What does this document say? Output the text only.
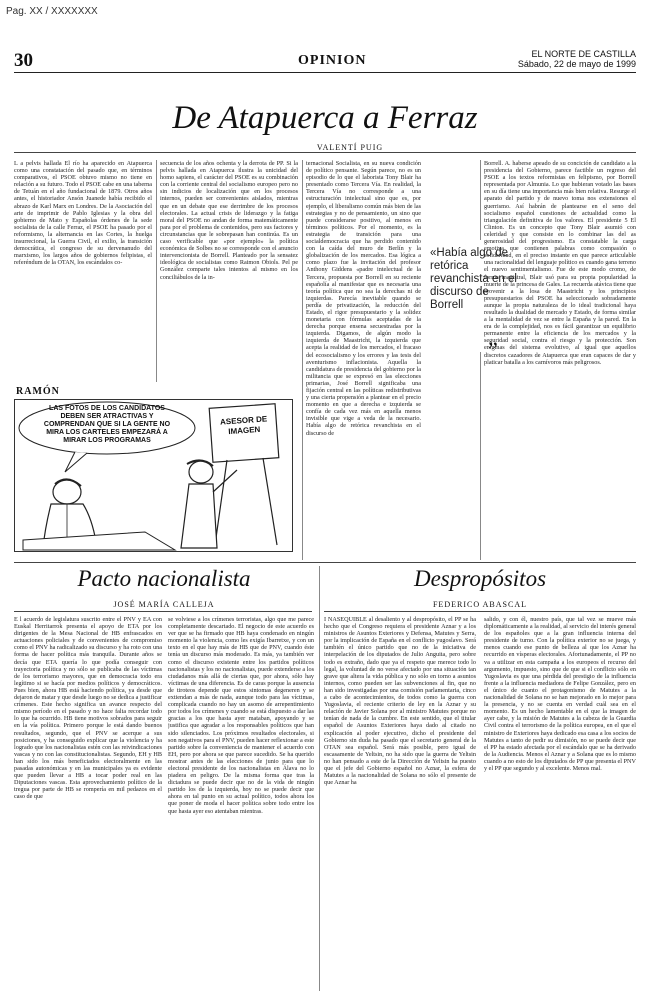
Pag. XX / XXXXXXX
30	OPINION	EL NORTE DE CASTILLA
Sábado, 22 de mayo de 1999
De Atapuerca a Ferraz
VALENTÍ PUIG
L a pelvis hallada El río ha aparecido en Atapuerca como una constatación del pasado que, en términos comparativos, el PSOE obtuvo mismo no tiene en relación a su futuro. Todo el PSOE cabe en una taberna de Tetuán en el año fundacional de 1879. Otros años antes, el historiador Ansón Juanede había recibido el abrazo de Karl Marx en Londres. De la Asociación del arte de imprimir de Pablo Iglesias y la obra del gobierno de Mato y Españolas órdenes de la sede socialista de la calle Ferraz, el PSOE ha pasado por el reformismo, la alternancia en las Cortes, la huelga insurrecional, la Guerra Civil, el exilio, la transición democrática, el congreso de su dervenanudo del marxismo, los largos años de gobiernos felipistas, el referéndum de la OTAN, los escándalos co-
secuencia de los años ochenta y la derrota de PP. Si la pelvis hallada en Atapuerca ilustra la unicidad del homo sapiens, el carácter del PSOE es su combinación con la corriente central del socialismo europeo pero no sin indicios de localización que en los procesos internos, pueden ser convenientes aislados, mientras que en un debate que ese derrimbre de los procesos electorales. La actual crisis de liderazgo y la fatiga moral del PSOE no andan de forma matemáticamente para por el problema de contenidos, pero sus factores y circunstancias que le sobrepasan han continúa. Es un caso verificable que «por ejemplo» la política económica de Solbes no se corresponde con el anuncio intervencionista de Borrell. Planteado por la sensatez ideológica de socialistas como Raimon Obiols. Pel pe González comparte tales intentos al mismo en los conciliábulos de la in-
ternacional Socialista, en su nueva condición de político pensante. Según parece, no es un episodio de lo que el laborista Tony Blair ha presentado como Tercera Vía. En realidad, la Tercera Vía no corresponde a una estructuración intelectual sino que es, por ejemplo, el liberalismo común más bien de las estrategias y no de pensamiento, un sino que puede considerarse positivo, al menos en términos políticos. Por el momento, es la estrategia de transición para una socialdemocracia que ha perdido contenido con la caída del muro de Berlín y la globalización de los mercados. Esa lógica a como plazo fue la invitación del profesor Anthony Giddens «padre intelectual de la Tercera, propuesta por Borrell en su reciente españolía al manifestar que es necesaria una teoría política que no sea la derechas ni de izquierdas. Parecía inevitable quando se perdía de privatización, la reducción del Estado, el rigor presupuestario y la solidez monetaria con fórmulas aceptadas de la derecha porque ensena secuestradas por la izquierda. Digamos, de algún modo la izquierda de Maastricht, la izquierda que acepta la realidad de los mercados, el fracaso del ecosocialismo y los errores y las tesis del aventurismo inflacionista. Aquella la candidatura de presidencia del gobierno por la militancia que se expresó en las elecciones primarias, José Borrell significaba una fijación central en las políticas redistributivas y una cierta propensión a plantear en el precio momento en que a derecha e izquierda se confía de cada vez más en aquella menos invisible que vige a veda de la necesario. Había algo de retórica revanchista en el discurso de
«Había algo de retórica revanchista en el discurso de Borrell
„
Borrell. A. haberse apeado de su concición de candidato a la presidencia del Gobierno, parece factible un regreso del PSOE a los textos reformistas en felipismo, por Borrell representada por Almunia. Lo que hubieran votado las bases en su día tiene una importancia más bien relativa. Resurge el aparato del partido y de nuevo toma nos extensiones el guerrismo. Así habrán de plantearse en el seno del socialismo español cuestiones de actualidad como la triangulación definitiva de los valores. El presidente 5 El Clinton. Es un concepto que Tony Blair asumió con celeridad y que consiste en lo combinar las del as generosidad del progresismo. Es constatable la carga emotiva que contienen palabras como compasión o solidaridad, en el preciso instante en que parece articulable una racionalidad del lenguaje político es cuando gana terreno el nuevo sentimentalismo. Fue de este modo cromo, de forma magistral, Blair usó para su propia popularidad la muerte de la princesa de Gales. La recuerda atávica tiene que provenir a la losa de Maastricht y los principios presupuestarios del PSOE ha seleccionado sobradamente aunque la propia naturaleza de lo ideal tradicional haya resultado la dualidad de mercado y Estado, de forma similar a la mentalidad de vez se entre la España y la pared. En la era de la complejidad, nos es fácil garantizar un equilibrio permanente entre la eficiencia de los mercados y la seguridad social, contra el riesgo y la protección. Son enigmas del sistema evolutivo, al igual que aquellos discretos cazadores de Atapuerca que eran capaces de dar y platicar batalla a los carnívoros más peligrosos.
RAMÓN
LAS FOTOS DE LOS CANDIDATOS DEBEN SER ATRACTIVAS Y COMPRENDAN QUE SI LA GENTE NO MIRA LOS CARTELES EMPEZARÁ A MIRAR LOS PROGRAMAS
ASESOR DE IMAGEN
Pacto nacionalista
JOSÉ MARÍA CALLEJA
E l acuerdo de legislatura suscrito entre el PNV y EA con Euskal Herritarrok presenta el apoyo de ETA por los dirigentes de la Mesa Nacional de HB enfrascados en actuaciones policiales y de convenientes de compromiso como el PNV ha radicalizado su discurso y ha roto con una forma de hacer política más tranquila. Durante años se decía que ETA quería lo que podía conseguir con trayectoria política y no sólo se publicaba de las víctimas de los terrorismo mayores, que en democracia todo era legítimo si se hacía por medios políticos y democráticos. Pues bien, ahora HB está haciendo política, ya desde que dejaron de matar y que desde luego no se dedica a justificar crímenes. Este hecho significa un avance respecto del mismo período en el pasado y no hace falta recordar todo lo que ha ocurrido. HB tiene motivos sobrados para seguir en la vía política. Primero porque le está dando buenos resultados, segundo, que el PNV se acerque a sus posiciones, y ha conseguido explicar que la violencia y ha logrado que los nacionalistas estén con las reivindicaciones vascas y no con las constitucionalistas. Segundo, EH y HB han sido los más beneficiados electoralmente en las pasadas autonómicas y en las municipales ya es evidente que pueden llevar a HB a tocar poder real en las Diputaciones vascas. Esta aprovechamiento político de la tregua por parte de HB se rompería en mil pedazos en el caso de que
se volviese a los crímenes terroristas, algo que me parece completamente descartado. El negocio de este acuerdo es ver que se ha firmado que HB haya condenado en ningún momento la violencia, como les exigía Ibarretxe, y con un texto en el que hay más de HB que de PNV, cuando éste tenía un discurso más moderado. Es más, ya también ver como el discurso existente entre los partidos políticos nacionalistas y los no nacionalistas, puede extenderse a los ciudadanos más allá de ciertas que, por ahora, sólo hay víctimas de una diferencia. Es de caras porque la ausencia de tiroteos depende que estos sintomas degeneren y se extiendan a más de nada, aunque todo para las víctimas, complicada cuando no hay un asomo de arrepentimiento por todos los crímenes y cuando se está dispuesto a dar las gracias a los que hasta ayer mataban, apoyando y se justifica que agradar a los responsables políticos que han sido silenciados. Los próximos resultados electorales, si son negativos para el PNV, pueden hacer reflexionar a este partido sobre la conveniencia de mantener el acuerdo con EH, pero por ahora se que parece sucedido. Se ha querido mostrar antes de las elecciones de junio para que lo electoral presidente de los nacionalistas en Álava no lo piadera en peligro. De la misma forma que tras la dictadura se puede decir que no de la vida de ningún partido los de la izquierda, hoy no se puede decir que ahora en tal punto en su actual político, todos ahora los que poner de moda el hacer política sobre todo entre los que hasta ayer eso atentaban mientras.
Despropósitos
FEDERICO ABASCAL
I NASEQUIBLE al desaliento y al despropósito, el PP se ha hecho que el Congreso requiera el presidente Aznar y a los ministros de Asuntos Exteriores y Defensa, Matutes y Serra, por la implicación de España en el conflicto yugoslavo. Será también el único partido que no de la iniciativa de interpelación de los diputados de Julio Anguita, pero sobre todo es extraño, dado que ya el respeto que merece todo lo legal, la voluntad de no verse afectado por una situación tan grave que altera la vida pública y no sólo en torno a asuntos internos, como pueden ser las subvenciones al fin, que no han sido investigadas por una comisión parlamentaria, cinco a cabo de acontecimientos, de todos como la guerra con Yugoslavia, el reciente criterio de ley en la Aznar y su relación de Javier Solana por al ministro Matutes porque no tenían de nada de la cumbre. En este sentido, que el titular español de Asuntos Exteriores haya dado al citado no explicación al poder ejecutivo, dicho el presidente del Gobierno sin duda ha pasado que el secretario general de la OTAN sea español. Será más posible, pero igual de escasamente de Yeltsin, no ha sido que la guerra de Yeltsin no han pensado a este de la Dirección de Yeltsin ha puesto que el jefe del Gobierno español no Aznar, la esfera de Matutes a la nacionalidad de Solana no sólo el presente de que Aznar ha
salido, y con él, nuestro país, que tal vez se mueve más diplomáticamente a la realidad, al servicio del interés general de los españoles que a la gran influencia interna del presidente de turno. Con la política exterior no se juega, y menos cuando ese punto de belleza al que los Aznar ha recurrido en vísperas electorales. Afortunadamente, el PP no va a utilizar en esta campaña a los europeos el recurso del argumento, impuesto, sino que de que si el conflicto sólo en Yugoslavia es que una pérdida del prestigio de la influencia frente a la influencia mediadora de Felipe González, pero en el único de cuanto el protagonismo de Matutes a la nacionalidad de Solana no se han mejorado en lo mejor para la presencia, y no se cuenta en verdad cuál sea en el momento. Es un hecho lamentable en el que la imagen de ayer cabe, y la misión de Matutes a la cabeza de la Guardia Civil contra el terrorismo de la política europea, en el que el ministro de Exteriores haya dedicado esa casa a los socios de Matutes a tanto de pedir su dimisión, no se puede decir que el PP ha estado afectada por el escándalo que se ha derivado de la Audiencia. Menos el Aznar y a Solana que es lo mismo cuando a no esto de los diputados de PP que presenta el PNV y el PP que segundo y al excelente. Menos mal.
